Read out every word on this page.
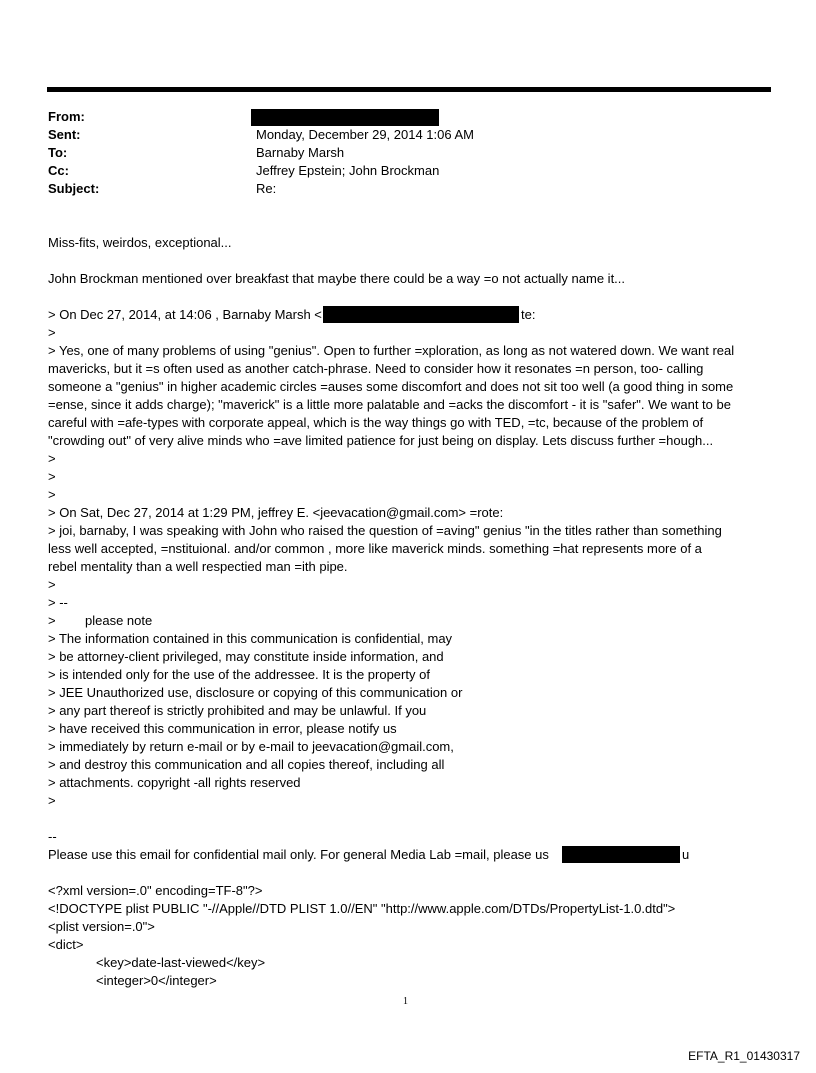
From:
Sent:	Monday, December 29, 2014 1:06 AM
To:	Barnaby Marsh
Cc:	Jeffrey Epstein; John Brockman
Subject:	Re:
Miss-fits, weirdos, exceptional...
John Brockman mentioned over breakfast that maybe there could be a way =o not actually name it...
> On Dec 27, 2014, at 14:06 , Barnaby Marsh <	te:
>
> Yes, one of many problems of using "genius". Open to further =xploration, as long as not watered down. We want real
mavericks, but it =s often used as another catch-phrase. Need to consider how it resonates =n person, too- calling
someone a "genius" in higher academic circles =auses some discomfort and does not sit too well (a good thing in some
=ense, since it adds charge); "maverick" is a little more palatable and =acks the discomfort - it is "safer". We want to be
careful with =afe-types with corporate appeal, which is the way things go with TED, =tc, because of the problem of
"crowding out" of very alive minds who =ave limited patience for just being on display. Lets discuss further =hough...
>
>
>
> On Sat, Dec 27, 2014 at 1:29 PM, jeffrey E. <jeevacation@gmail.com> =rote:
> joi, barnaby, I was speaking with John who raised the question of =aving" genius "in the titles rather than something
less well accepted, =nstituional. and/or common , more like maverick minds. something =hat represents more of a
rebel mentality than a well respectied man =ith pipe.
>
> --
> please note
> The information contained in this communication is confidential, may
> be attorney-client privileged, may constitute inside information, and
> is intended only for the use of the addressee. It is the property of
> JEE Unauthorized use, disclosure or copying of this communication or
> any part thereof is strictly prohibited and may be unlawful. If you
> have received this communication in error, please notify us
> immediately by return e-mail or by e-mail to jeevacation@gmail.com,
> and destroy this communication and all copies thereof, including all
> attachments. copyright -all rights reserved
>
--
Please use this email for confidential mail only. For general Media Lab =mail, please us	u
<?xml version=.0" encoding=TF-8"?>
<!DOCTYPE plist PUBLIC "-//Apple//DTD PLIST 1.0//EN" "http://www.apple.com/DTDs/PropertyList-1.0.dtd">
<plist version=.0">
<dict>
<key>date-last-viewed</key>
<integer>0</integer>
1
EFTA_R1_01430317
